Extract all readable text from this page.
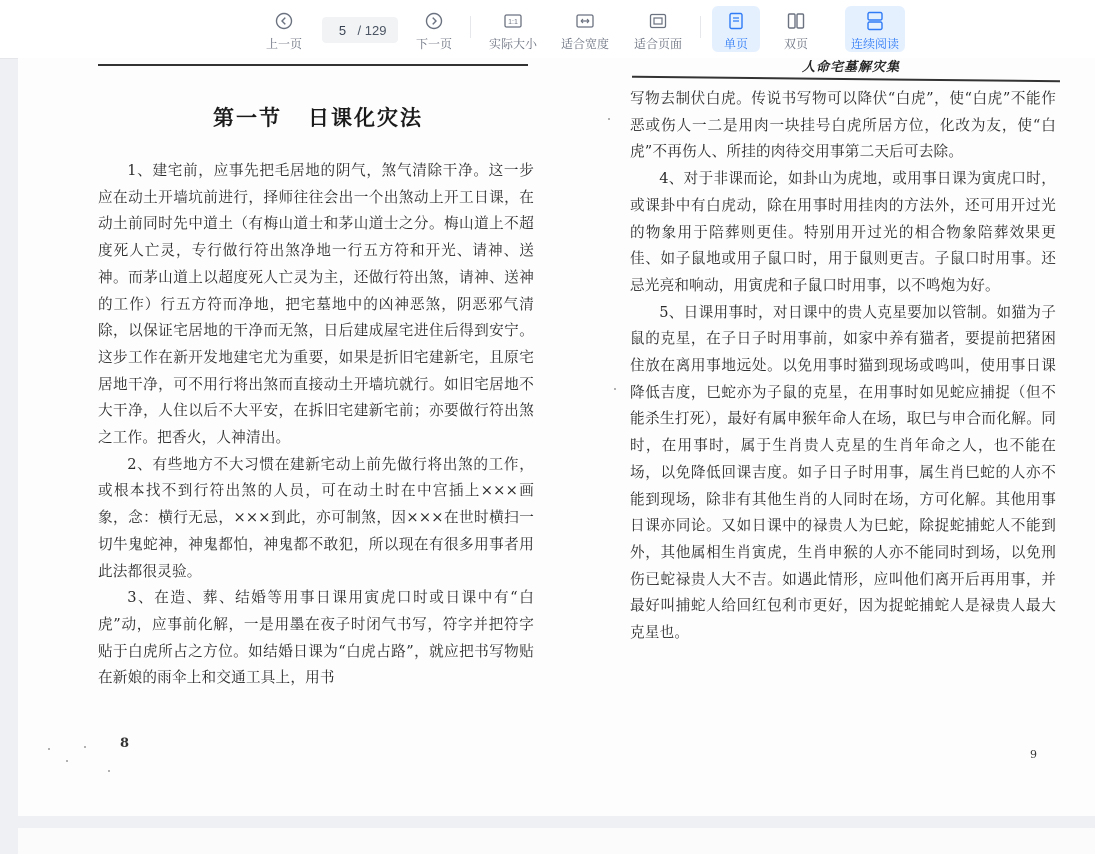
上一页
5
/ 129
下一页
1:1
实际大小 适合宽度 适合页面	单页	双页	连续阅读
第一节 日课化灾法

1、建宅前，应事先把毛居地的阴气，煞气清除干净。这一步应在动土开墙坑前进行，择师往往会出一个出煞动上开工日课，在动土前同时先中道土（有梅山道士和茅山道士之分。梅山道上不超度死人亡灵，专行做行符出煞净地一行五方符和开光、请神、送神。而茅山道上以超度死人亡灵为主，还做行符出煞，请神、送神的工作）行五方符而净地，把宅墓地中的凶神恶煞，阴恶邪气清除，以保证宅居地的干净而无煞，日后建成屋宅进住后得到安宁。这步工作在新开发地建宅尤为重要，如果是折旧宅建新宅，且原宅居地干净，可不用行将出煞而直接动土开墙坑就行。如旧宅居地不大干净，人住以后不大平安，在拆旧宅建新宅前；亦要做行符出煞之工作。把香火，人神清出。

2、有些地方不大习惯在建新宅动上前先做行将出煞的工作，或根本找不到行符出煞的人员，可在动土时在中宫插上×××画象，念：横行无忌，×××到此，亦可制煞，因×××在世时横扫一切牛鬼蛇神，神鬼都怕，神鬼都不敢犯，所以现在有很多用事者用此法都很灵验。

3、在造、葬、结婚等用事日课用寅虎口时或日课中有“白虎”动，应事前化解，一是用墨在夜子时闭气书写，符字并把符字贴于白虎所占之方位。如结婚日课为“白虎占路”，就应把书写物贴在新娘的雨伞上和交通工具上，用书

8
人命宅墓解灾集

写物去制伏白虎。传说书写物可以降伏“白虎”，使“白虎”不能作恶或伤人一二是用肉一块挂号白虎所居方位，化改为友，使“白虎”不再伤人、所挂的肉待交用事第二天后可去除。

4、对于非课而论，如卦山为虎地，或用事日课为寅虎口时，或课卦中有白虎动，除在用事时用挂肉的方法外，还可用开过光的物象用于陪葬则更佳。特别用开过光的相合物象陪葬效果更佳、如子鼠地或用子鼠口时，用于鼠则更吉。子鼠口时用事。还忌光亮和响动，用寅虎和子鼠口时用事，以不鸣炮为好。

5、日课用事时，对日课中的贵人克星要加以管制。如猫为子鼠的克星，在子日子时用事前，如家中养有猫者，要提前把猪困住放在离用事地远处。以免用事时猫到现场或鸣叫，使用事日课降低吉度，巳蛇亦为子鼠的克星，在用事时如见蛇应捕捉（但不能杀生打死），最好有属申猴年命人在场，取巳与申合而化解。同时，在用事时，属于生肖贵人克星的生肖年命之人，也不能在场，以免降低回课吉度。如子日子时用事，属生肖巳蛇的人亦不能到现场，除非有其他生肖的人同时在场，方可化解。其他用事日课亦同论。又如日课中的禄贵人为巳蛇，除捉蛇捕蛇人不能到外，其他属相生肖寅虎，生肖申猴的人亦不能同时到场，以免刑伤已蛇禄贵人大不吉。如遇此情形，应叫他们离开后再用事，并最好叫捕蛇人给回红包利市更好，因为捉蛇捕蛇人是禄贵人最大克星也。

9
